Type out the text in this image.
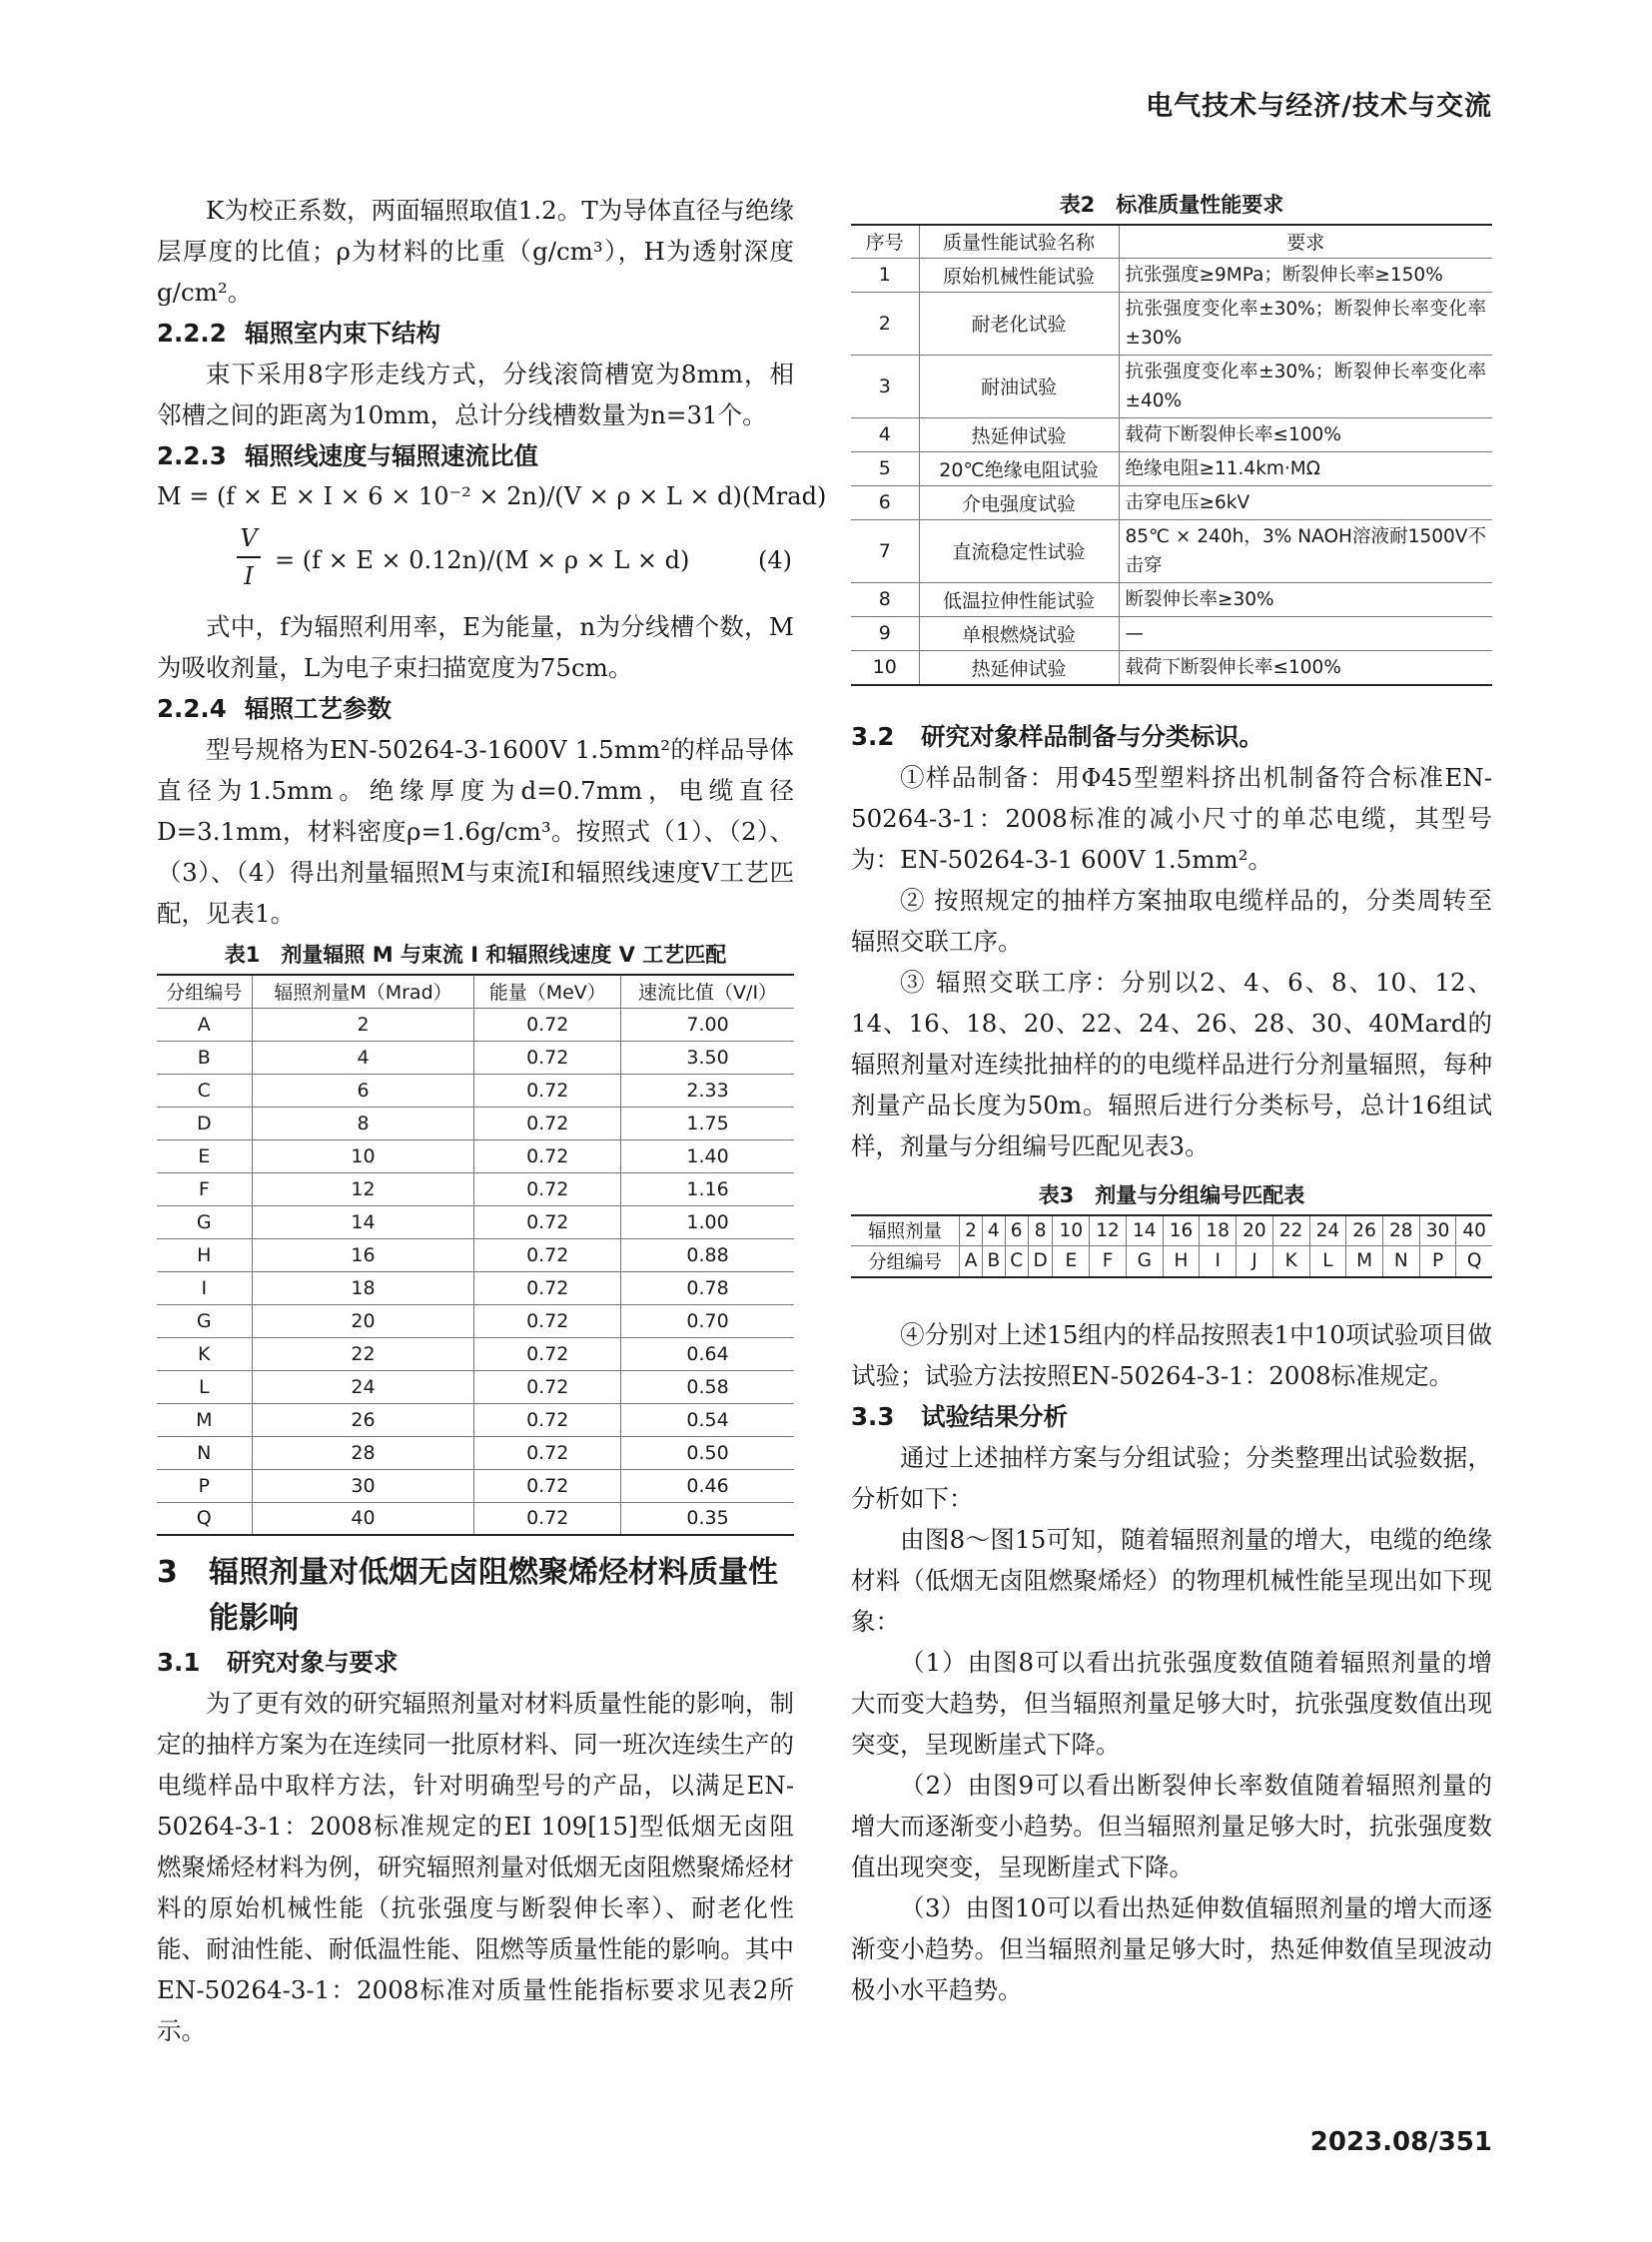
电气技术与经济/技术与交流

K为校正系数，两面辐照取值1.2。T为导体直径与绝缘层厚度的比值；ρ为材料的比重（g/cm³），H为透射深度g/cm²。

2.2.2 辐照室内束下结构

束下采用8字形走线方式，分线滚筒槽宽为8mm，相邻槽之间的距离为10mm，总计分线槽数量为n=31个。

2.2.3 辐照线速度与辐照速流比值
M = (f × E × I × 6 × 10⁻² × 2n)/(V × ρ × L × d)(Mrad)
V
I
= (f × E × 0.12n)/(M × ρ × L × d)	(4)

式中，f为辐照利用率，E为能量，n为分线槽个数，M为吸收剂量，L为电子束扫描宽度为75cm。

2.2.4 辐照工艺参数

型号规格为EN-50264-3-1600V 1.5mm²的样品导体直径为1.5mm。绝缘厚度为d=0.7mm，电缆直径D=3.1mm，材料密度ρ=1.6g/cm³。按照式（1）、（2）、（3）、（4）得出剂量辐照M与束流I和辐照线速度V工艺匹配，见表1。

表1　剂量辐照 M 与束流 I 和辐照线速度 V 工艺匹配
分组编号	辐照剂量M（Mrad）	能量（MeV）	速流比值（V/I）
A	2	0.72	7.00
B	4	0.72	3.50
C	6	0.72	2.33
D	8	0.72	1.75
E	10	0.72	1.40
F	12	0.72	1.16
G	14	0.72	1.00
H	16	0.72	0.88
I	18	0.72	0.78
G	20	0.72	0.70
K	22	0.72	0.64
L	24	0.72	0.58
M	26	0.72	0.54
N	28	0.72	0.50
P	30	0.72	0.46
Q	40	0.72	0.35
3 辐照剂量对低烟无卤阻燃聚烯烃材料质量性能影响
3.1 研究对象与要求

为了更有效的研究辐照剂量对材料质量性能的影响，制定的抽样方案为在连续同一批原材料、同一班次连续生产的电缆样品中取样方法，针对明确型号的产品，以满足EN-50264-3-1：2008标准规定的EI 109[15]型低烟无卤阻燃聚烯烃材料为例，研究辐照剂量对低烟无卤阻燃聚烯烃材料的原始机械性能（抗张强度与断裂伸长率）、耐老化性能、耐油性能、耐低温性能、阻燃等质量性能的影响。其中EN-50264-3-1：2008标准对质量性能指标要求见表2所示。

表2　标准质量性能要求
序号	质量性能试验名称	要求
1	原始机械性能试验	抗张强度≥9MPa；断裂伸长率≥150%
2	耐老化试验	抗张强度变化率±30%；断裂伸长率变化率±30%
3	耐油试验	抗张强度变化率±30%；断裂伸长率变化率±40%
4	热延伸试验	载荷下断裂伸长率≤100%
5	20℃绝缘电阻试验	绝缘电阻≥11.4km·MΩ
6	介电强度试验	击穿电压≥6kV
7	直流稳定性试验	85℃ × 240h，3% NAOH溶液耐1500V不击穿
8	低温拉伸性能试验	断裂伸长率≥30%
9	单根燃烧试验	—
10	热延伸试验	载荷下断裂伸长率≤100%
3.2 研究对象样品制备与分类标识。

①样品制备：用Φ45型塑料挤出机制备符合标准EN-50264-3-1：2008标准的减小尺寸的单芯电缆，其型号为：EN-50264-3-1 600V 1.5mm²。

② 按照规定的抽样方案抽取电缆样品的，分类周转至辐照交联工序。

③ 辐照交联工序：分别以2、4、6、8、10、12、14、16、18、20、22、24、26、28、30、40Mard的辐照剂量对连续批抽样的的电缆样品进行分剂量辐照，每种剂量产品长度为50m。辐照后进行分类标号，总计16组试样，剂量与分组编号匹配见表3。

表3　剂量与分组编号匹配表
辐照剂量	2	4	6	8	10	12	14	16	18	20	22	24	26	28	30	40
分组编号	A	B	C	D	E	F	G	H	I	J	K	L	M	N	P	Q

④分别对上述15组内的样品按照表1中10项试验项目做试验；试验方法按照EN-50264-3-1：2008标准规定。

3.3 试验结果分析

通过上述抽样方案与分组试验；分类整理出试验数据，分析如下：

由图8～图15可知，随着辐照剂量的增大，电缆的绝缘材料（低烟无卤阻燃聚烯烃）的物理机械性能呈现出如下现象：

（1）由图8可以看出抗张强度数值随着辐照剂量的增大而变大趋势，但当辐照剂量足够大时，抗张强度数值出现突变，呈现断崖式下降。

（2）由图9可以看出断裂伸长率数值随着辐照剂量的增大而逐渐变小趋势。但当辐照剂量足够大时，抗张强度数值出现突变，呈现断崖式下降。

（3）由图10可以看出热延伸数值辐照剂量的增大而逐渐变小趋势。但当辐照剂量足够大时，热延伸数值呈现波动极小水平趋势。

2023.08/351
